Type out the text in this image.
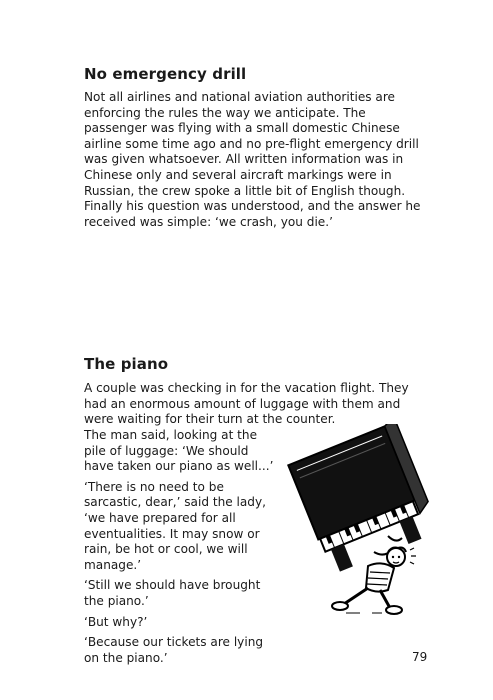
No emergency drill

Not all airlines and national aviation authorities are enforcing the rules the way we anticipate. The passenger was flying with a small domestic Chinese airline some time ago and no pre-flight emergency drill was given whatsoever. All written information was in Chinese only and several aircraft markings were in Russian, the crew spoke a little bit of English though. Finally his question was understood, and the answer he received was simple: ‘we crash, you die.’

The piano

A couple was checking in for the vacation flight. They had an enormous amount of luggage with them and were waiting for their turn at the counter.

The man said, looking at the pile of luggage: ‘We should have taken our piano as well...’

‘There is no need to be sarcastic, dear,’ said the lady, ‘we have prepared for all eventualities. It may snow or rain, be hot or cool, we will manage.’

‘Still we should have brought the piano.’

‘But why?’

‘Because our tickets are lying on the piano.’	79
